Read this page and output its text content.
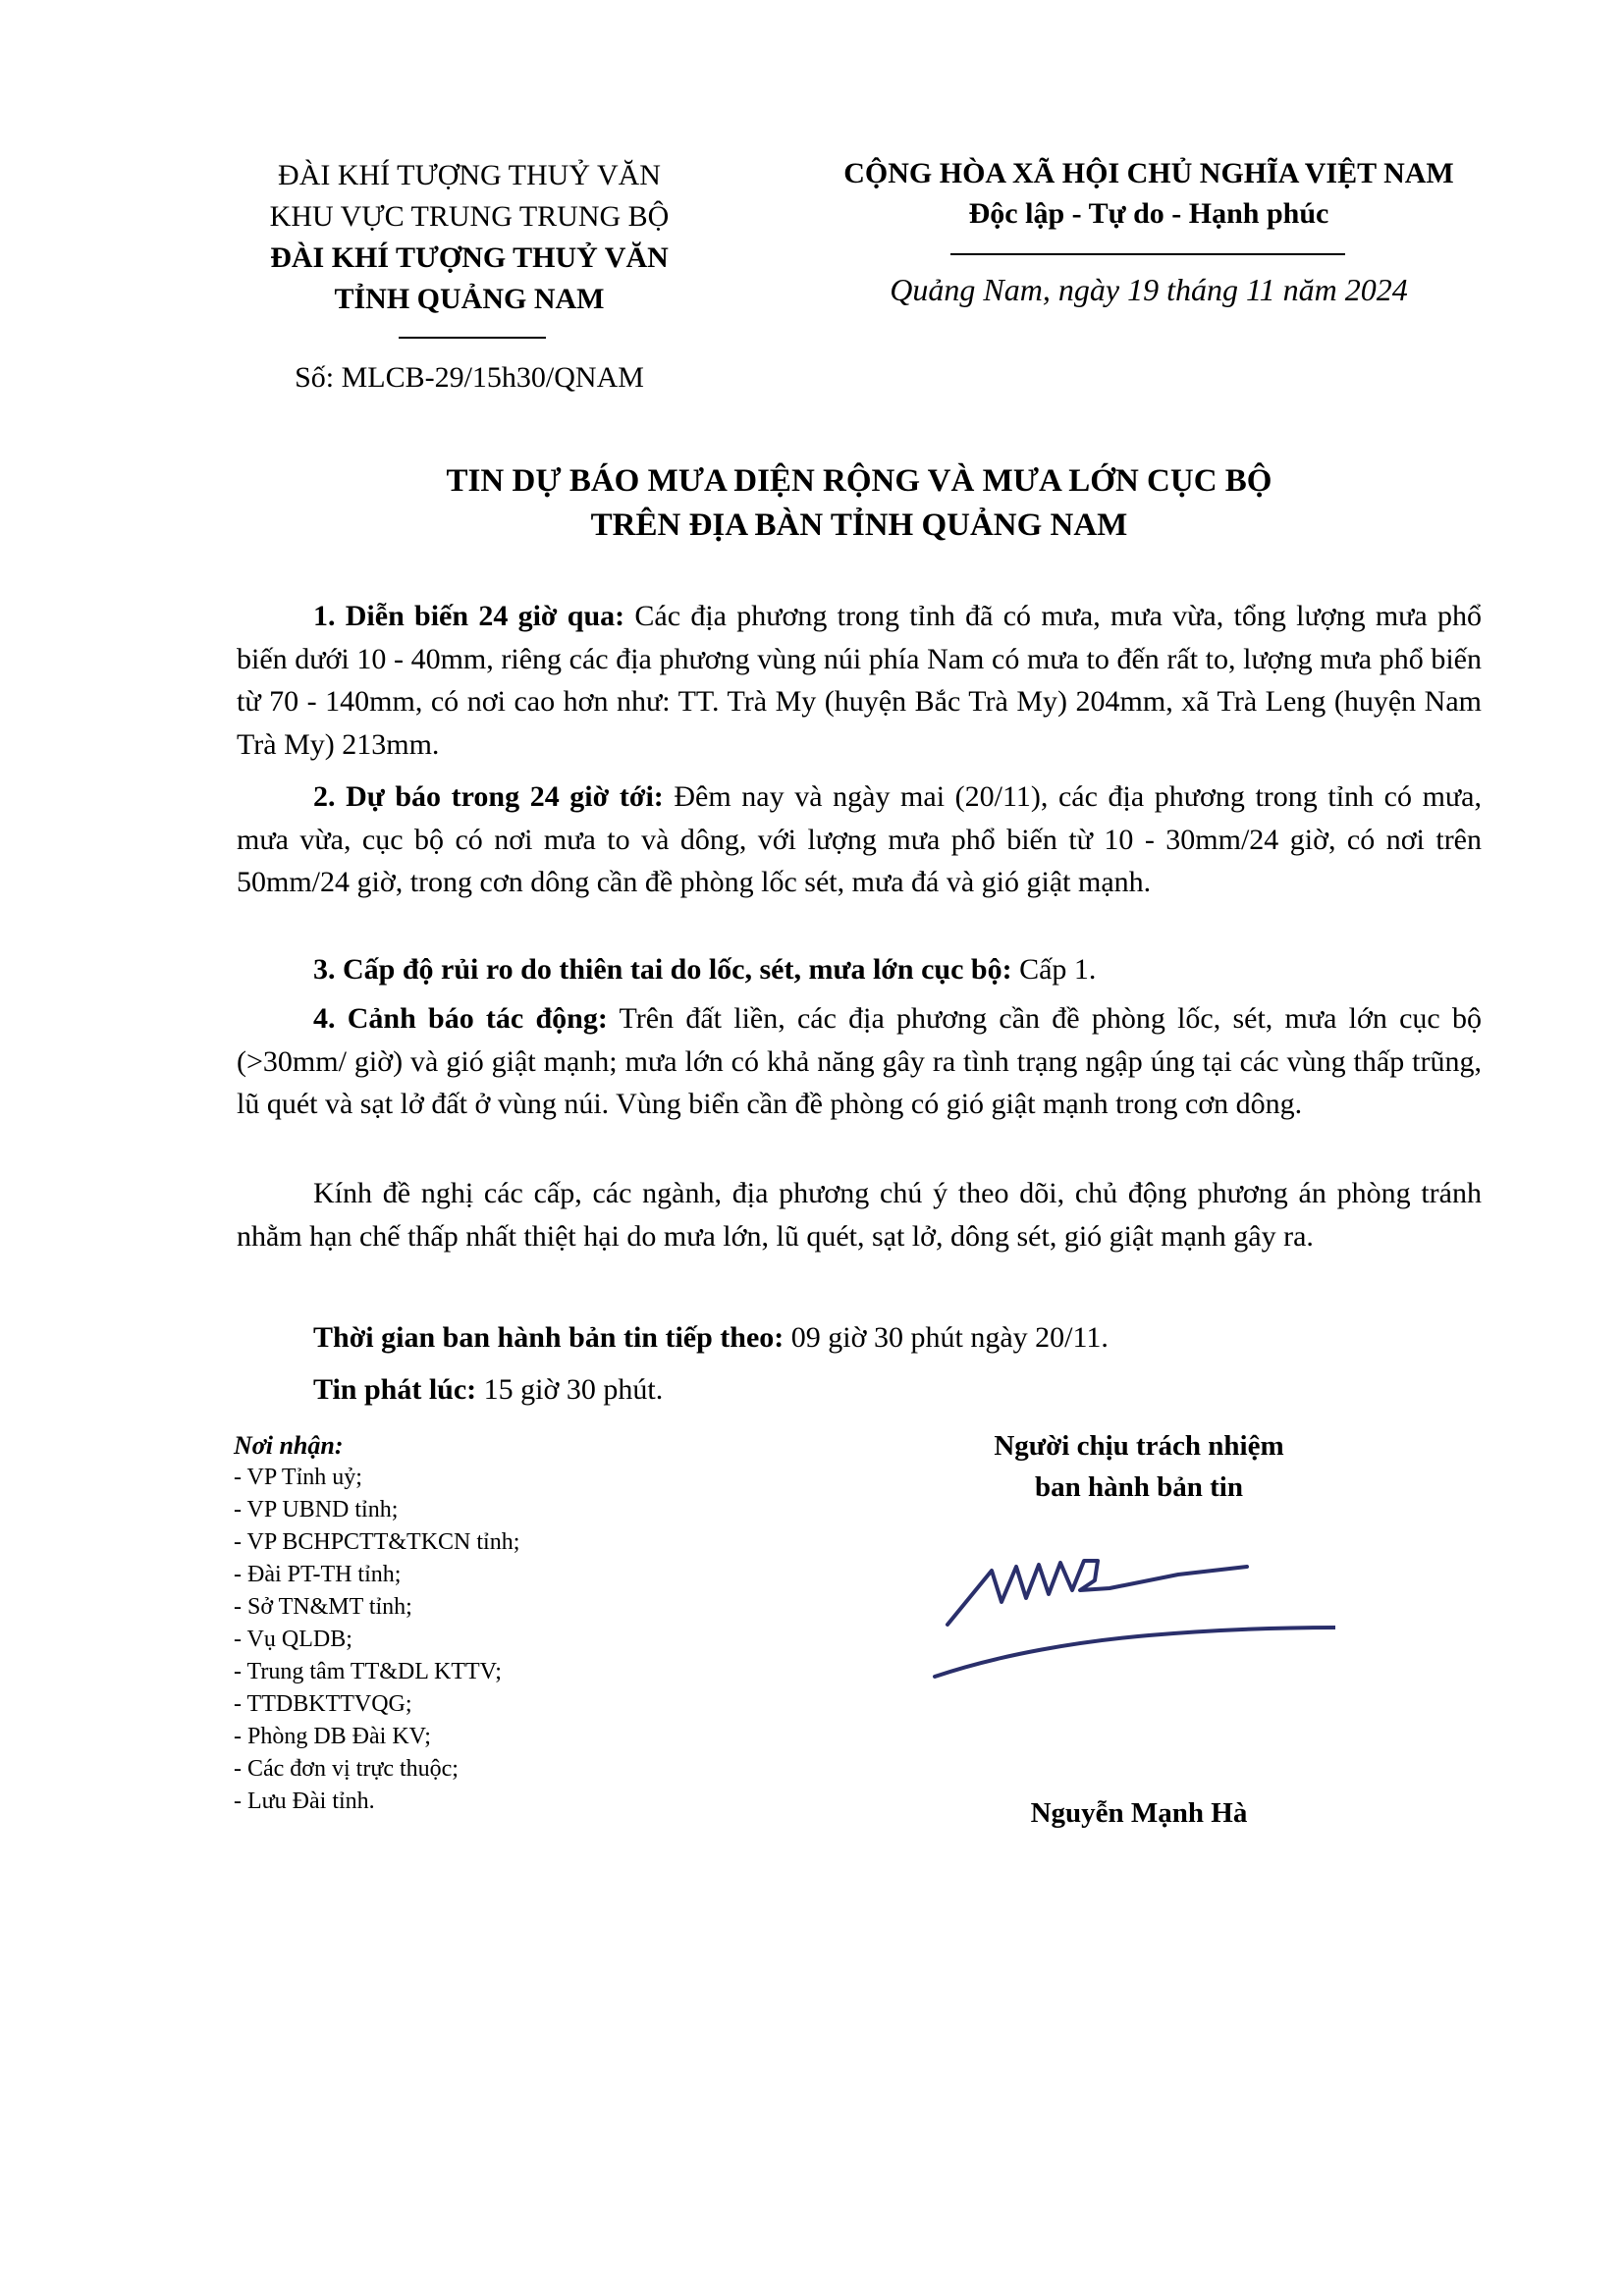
ĐÀI KHÍ TƯỢNG THUỶ VĂN
KHU VỰC TRUNG TRUNG BỘ
ĐÀI KHÍ TƯỢNG THUỶ VĂN
TỈNH QUẢNG NAM
Số: MLCB-29/15h30/QNAM
CỘNG HÒA XÃ HỘI CHỦ NGHĨA VIỆT NAM
Độc lập - Tự do - Hạnh phúc
Quảng Nam, ngày 19 tháng 11 năm 2024
TIN DỰ BÁO MƯA DIỆN RỘNG VÀ MƯA LỚN CỤC BỘ
TRÊN ĐỊA BÀN TỈNH QUẢNG NAM
1. Diễn biến 24 giờ qua: Các địa phương trong tỉnh đã có mưa, mưa vừa, tổng lượng mưa phổ biến dưới 10 - 40mm, riêng các địa phương vùng núi phía Nam có mưa to đến rất to, lượng mưa phổ biến từ 70 - 140mm, có nơi cao hơn như: TT. Trà My (huyện Bắc Trà My) 204mm, xã Trà Leng (huyện Nam Trà My) 213mm.
2. Dự báo trong 24 giờ tới: Đêm nay và ngày mai (20/11), các địa phương trong tỉnh có mưa, mưa vừa, cục bộ có nơi mưa to và dông, với lượng mưa phổ biến từ 10 - 30mm/24 giờ, có nơi trên 50mm/24 giờ, trong cơn dông cần đề phòng lốc sét, mưa đá và gió giật mạnh.
3. Cấp độ rủi ro do thiên tai do lốc, sét, mưa lớn cục bộ: Cấp 1.
4. Cảnh báo tác động: Trên đất liền, các địa phương cần đề phòng lốc, sét, mưa lớn cục bộ (>30mm/ giờ) và gió giật mạnh; mưa lớn có khả năng gây ra tình trạng ngập úng tại các vùng thấp trũng, lũ quét và sạt lở đất ở vùng núi. Vùng biển cần đề phòng có gió giật mạnh trong cơn dông.
Kính đề nghị các cấp, các ngành, địa phương chú ý theo dõi, chủ động phương án phòng tránh nhằm hạn chế thấp nhất thiệt hại do mưa lớn, lũ quét, sạt lở, dông sét, gió giật mạnh gây ra.
Thời gian ban hành bản tin tiếp theo: 09 giờ 30 phút ngày 20/11.
Tin phát lúc: 15 giờ 30 phút.
Nơi nhận:
- VP Tỉnh uỷ;
- VP UBND tỉnh;
- VP BCHPCTT&TKCN tỉnh;
- Đài PT-TH tỉnh;
- Sở TN&MT tỉnh;
- Vụ QLDB;
- Trung tâm TT&DL KTTV;
- TTDBKTTVQG;
- Phòng DB Đài KV;
- Các đơn vị trực thuộc;
- Lưu Đài tỉnh.
Người chịu trách nhiệm
ban hành bản tin
Nguyễn Mạnh Hà
